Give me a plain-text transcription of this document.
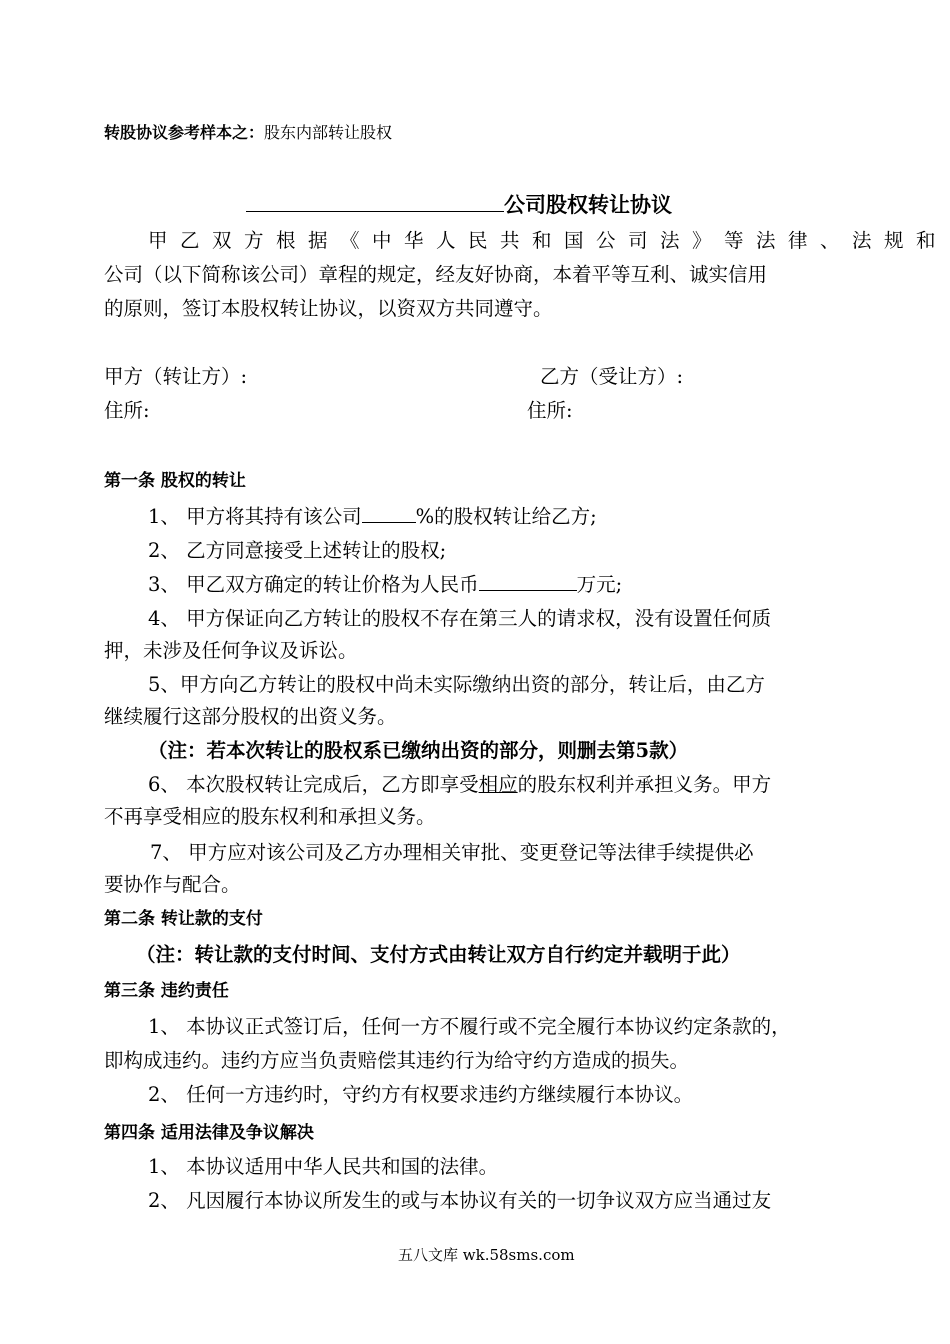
转股协议参考样本之：股东内部转让股权
公司股权转让协议
甲乙双方根据《中华人民共和国公司法》等法律、法规和
公司（以下简称该公司）章程的规定，经友好协商，本着平等互利、诚实信用
的原则，签订本股权转让协议，以资双方共同遵守。
甲方（转让方）:	乙方（受让方）:
住所:	住所:
第一条 股权的转让
1、 甲方将其持有该公司	%的股权转让给乙方;
2、 乙方同意接受上述转让的股权;
3、 甲乙双方确定的转让价格为人民币	万元;
4、 甲方保证向乙方转让的股权不存在第三人的请求权，没有设置任何质
押，未涉及任何争议及诉讼。
5、甲方向乙方转让的股权中尚未实际缴纳出资的部分，转让后，由乙方
继续履行这部分股权的出资义务。
（注：若本次转让的股权系已缴纳出资的部分，则删去第5款）
6、 本次股权转让完成后，乙方即享受相应的股东权利并承担义务。甲方
不再享受相应的股东权利和承担义务。
7、 甲方应对该公司及乙方办理相关审批、变更登记等法律手续提供必
要协作与配合。
第二条 转让款的支付
（注：转让款的支付时间、支付方式由转让双方自行约定并载明于此）
第三条 违约责任
1、 本协议正式签订后，任何一方不履行或不完全履行本协议约定条款的，
即构成违约。违约方应当负责赔偿其违约行为给守约方造成的损失。
2、 任何一方违约时，守约方有权要求违约方继续履行本协议。
第四条 适用法律及争议解决
1、 本协议适用中华人民共和国的法律。
2、 凡因履行本协议所发生的或与本协议有关的一切争议双方应当通过友
五八文库 wk.58sms.com
